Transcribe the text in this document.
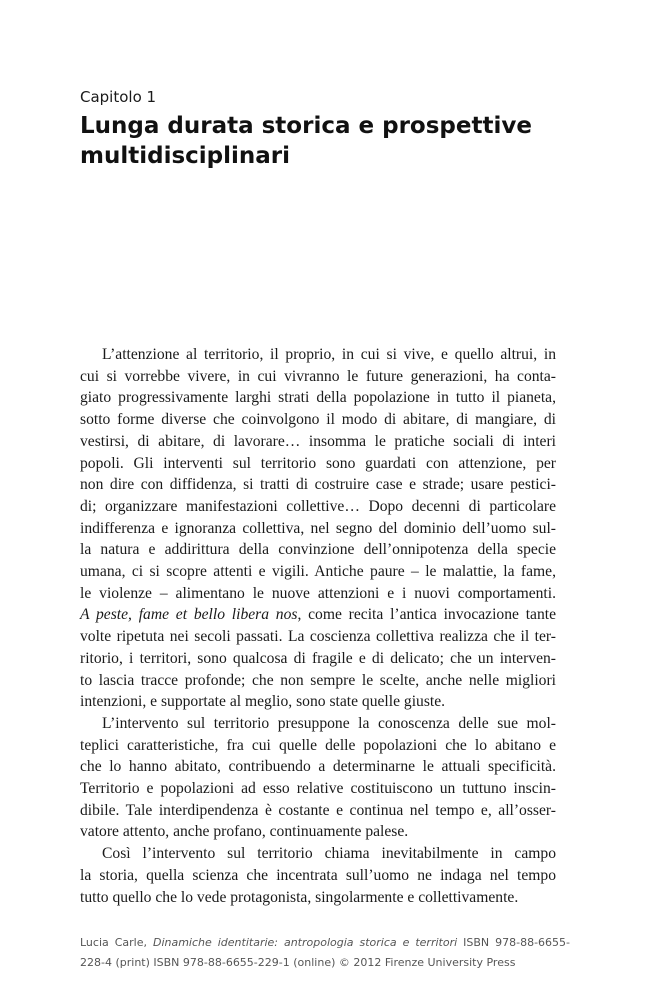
Capitolo 1
Lunga durata storica e prospettive
multidisciplinari
L’attenzione al territorio, il proprio, in cui si vive, e quello altrui, in
cui si vorrebbe vivere, in cui vivranno le future generazioni, ha conta-
giato progressivamente larghi strati della popolazione in tutto il pianeta,
sotto forme diverse che coinvolgono il modo di abitare, di mangiare, di
vestirsi, di abitare, di lavorare… insomma le pratiche sociali di interi
popoli. Gli interventi sul territorio sono guardati con attenzione, per
non dire con diffidenza, si tratti di costruire case e strade; usare pestici-
di; organizzare manifestazioni collettive… Dopo decenni di particolare
indifferenza e ignoranza collettiva, nel segno del dominio dell’uomo sul-
la natura e addirittura della convinzione dell’onnipotenza della specie
umana, ci si scopre attenti e vigili. Antiche paure – le malattie, la fame,
le violenze – alimentano le nuove attenzioni e i nuovi comportamenti.
A peste, fame et bello libera nos, come recita l’antica invocazione tante
volte ripetuta nei secoli passati. La coscienza collettiva realizza che il ter-
ritorio, i territori, sono qualcosa di fragile e di delicato; che un interven-
to lascia tracce profonde; che non sempre le scelte, anche nelle migliori
intenzioni, e supportate al meglio, sono state quelle giuste.
L’intervento sul territorio presuppone la conoscenza delle sue mol-
teplici caratteristiche, fra cui quelle delle popolazioni che lo abitano e
che lo hanno abitato, contribuendo a determinarne le attuali specificità.
Territorio e popolazioni ad esso relative costituiscono un tuttuno inscin-
dibile. Tale interdipendenza è costante e continua nel tempo e, all’osser-
vatore attento, anche profano, continuamente palese.
Così l’intervento sul territorio chiama inevitabilmente in campo
la storia, quella scienza che incentrata sull’uomo ne indaga nel tempo
tutto quello che lo vede protagonista, singolarmente e collettivamente.
Lucia Carle, Dinamiche identitarie: antropologia storica e territori ISBN 978-88-6655-
228-4 (print) ISBN 978-88-6655-229-1 (online) © 2012 Firenze University Press
